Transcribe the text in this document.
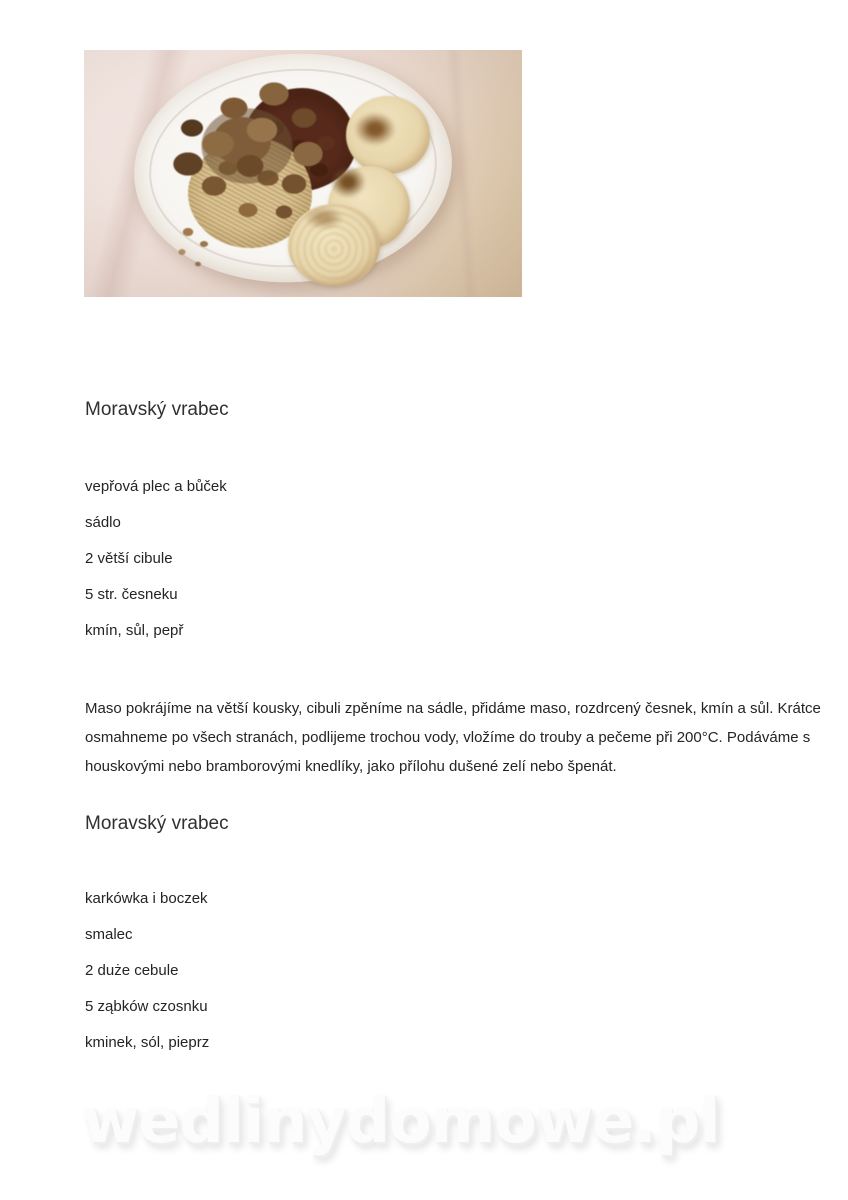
Moravský vrabec
vepřová plec a bůček
sádlo
2 větší cibule
5 str. česneku
kmín, sůl, pepř
Maso pokrájíme na větší kousky, cibuli zpěníme na sádle, přidáme maso, rozdrcený česnek, kmín a sůl. Krátce
osmahneme po všech stranách, podlijeme trochou vody, vložíme do trouby a pečeme při 200°C. Podáváme s
houskovými nebo bramborovými knedlíky, jako přílohu dušené zelí nebo špenát.
Moravský vrabec
karkówka i boczek
smalec
2 duże cebule
5 ząbków czosnku
kminek, sól, pieprz
wedlinydomowe.pl
